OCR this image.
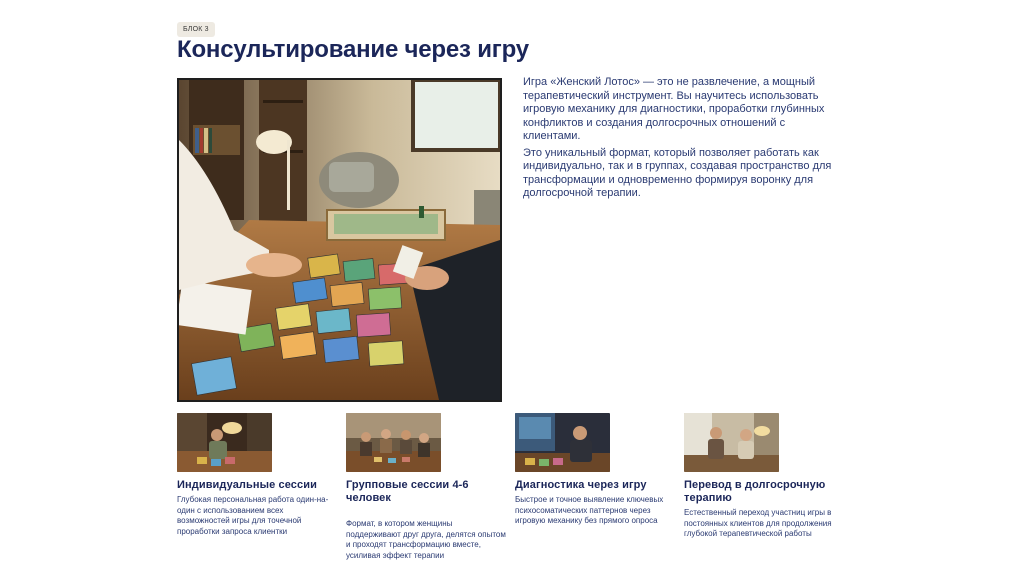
БЛОК 3
Консультирование через игру

Игра «Женский Лотос» — это не развлечение, а мощный терапевтический инструмент. Вы научитесь использовать игровую механику для диагностики, проработки глубинных конфликтов и создания долгосрочных отношений с клиентами.

Это уникальный формат, который позволяет работать как индивидуально, так и в группах, создавая пространство для трансформации и одновременно формируя воронку для долгосрочной терапии.

Индивидуальные сессии

Глубокая персональная работа один-на-один с использованием всех возможностей игры для точечной проработки запроса клиентки

Групповые сессии 4-6 человек

Формат, в котором женщины поддерживают друг друга, делятся опытом и проходят трансформацию вместе, усиливая эффект терапии

Диагностика через игру

Быстрое и точное выявление ключевых психосоматических паттернов через игровую механику без прямого опроса

Перевод в долгосрочную терапию

Естественный переход участниц игры в постоянных клиентов для продолжения глубокой терапевтической работы
